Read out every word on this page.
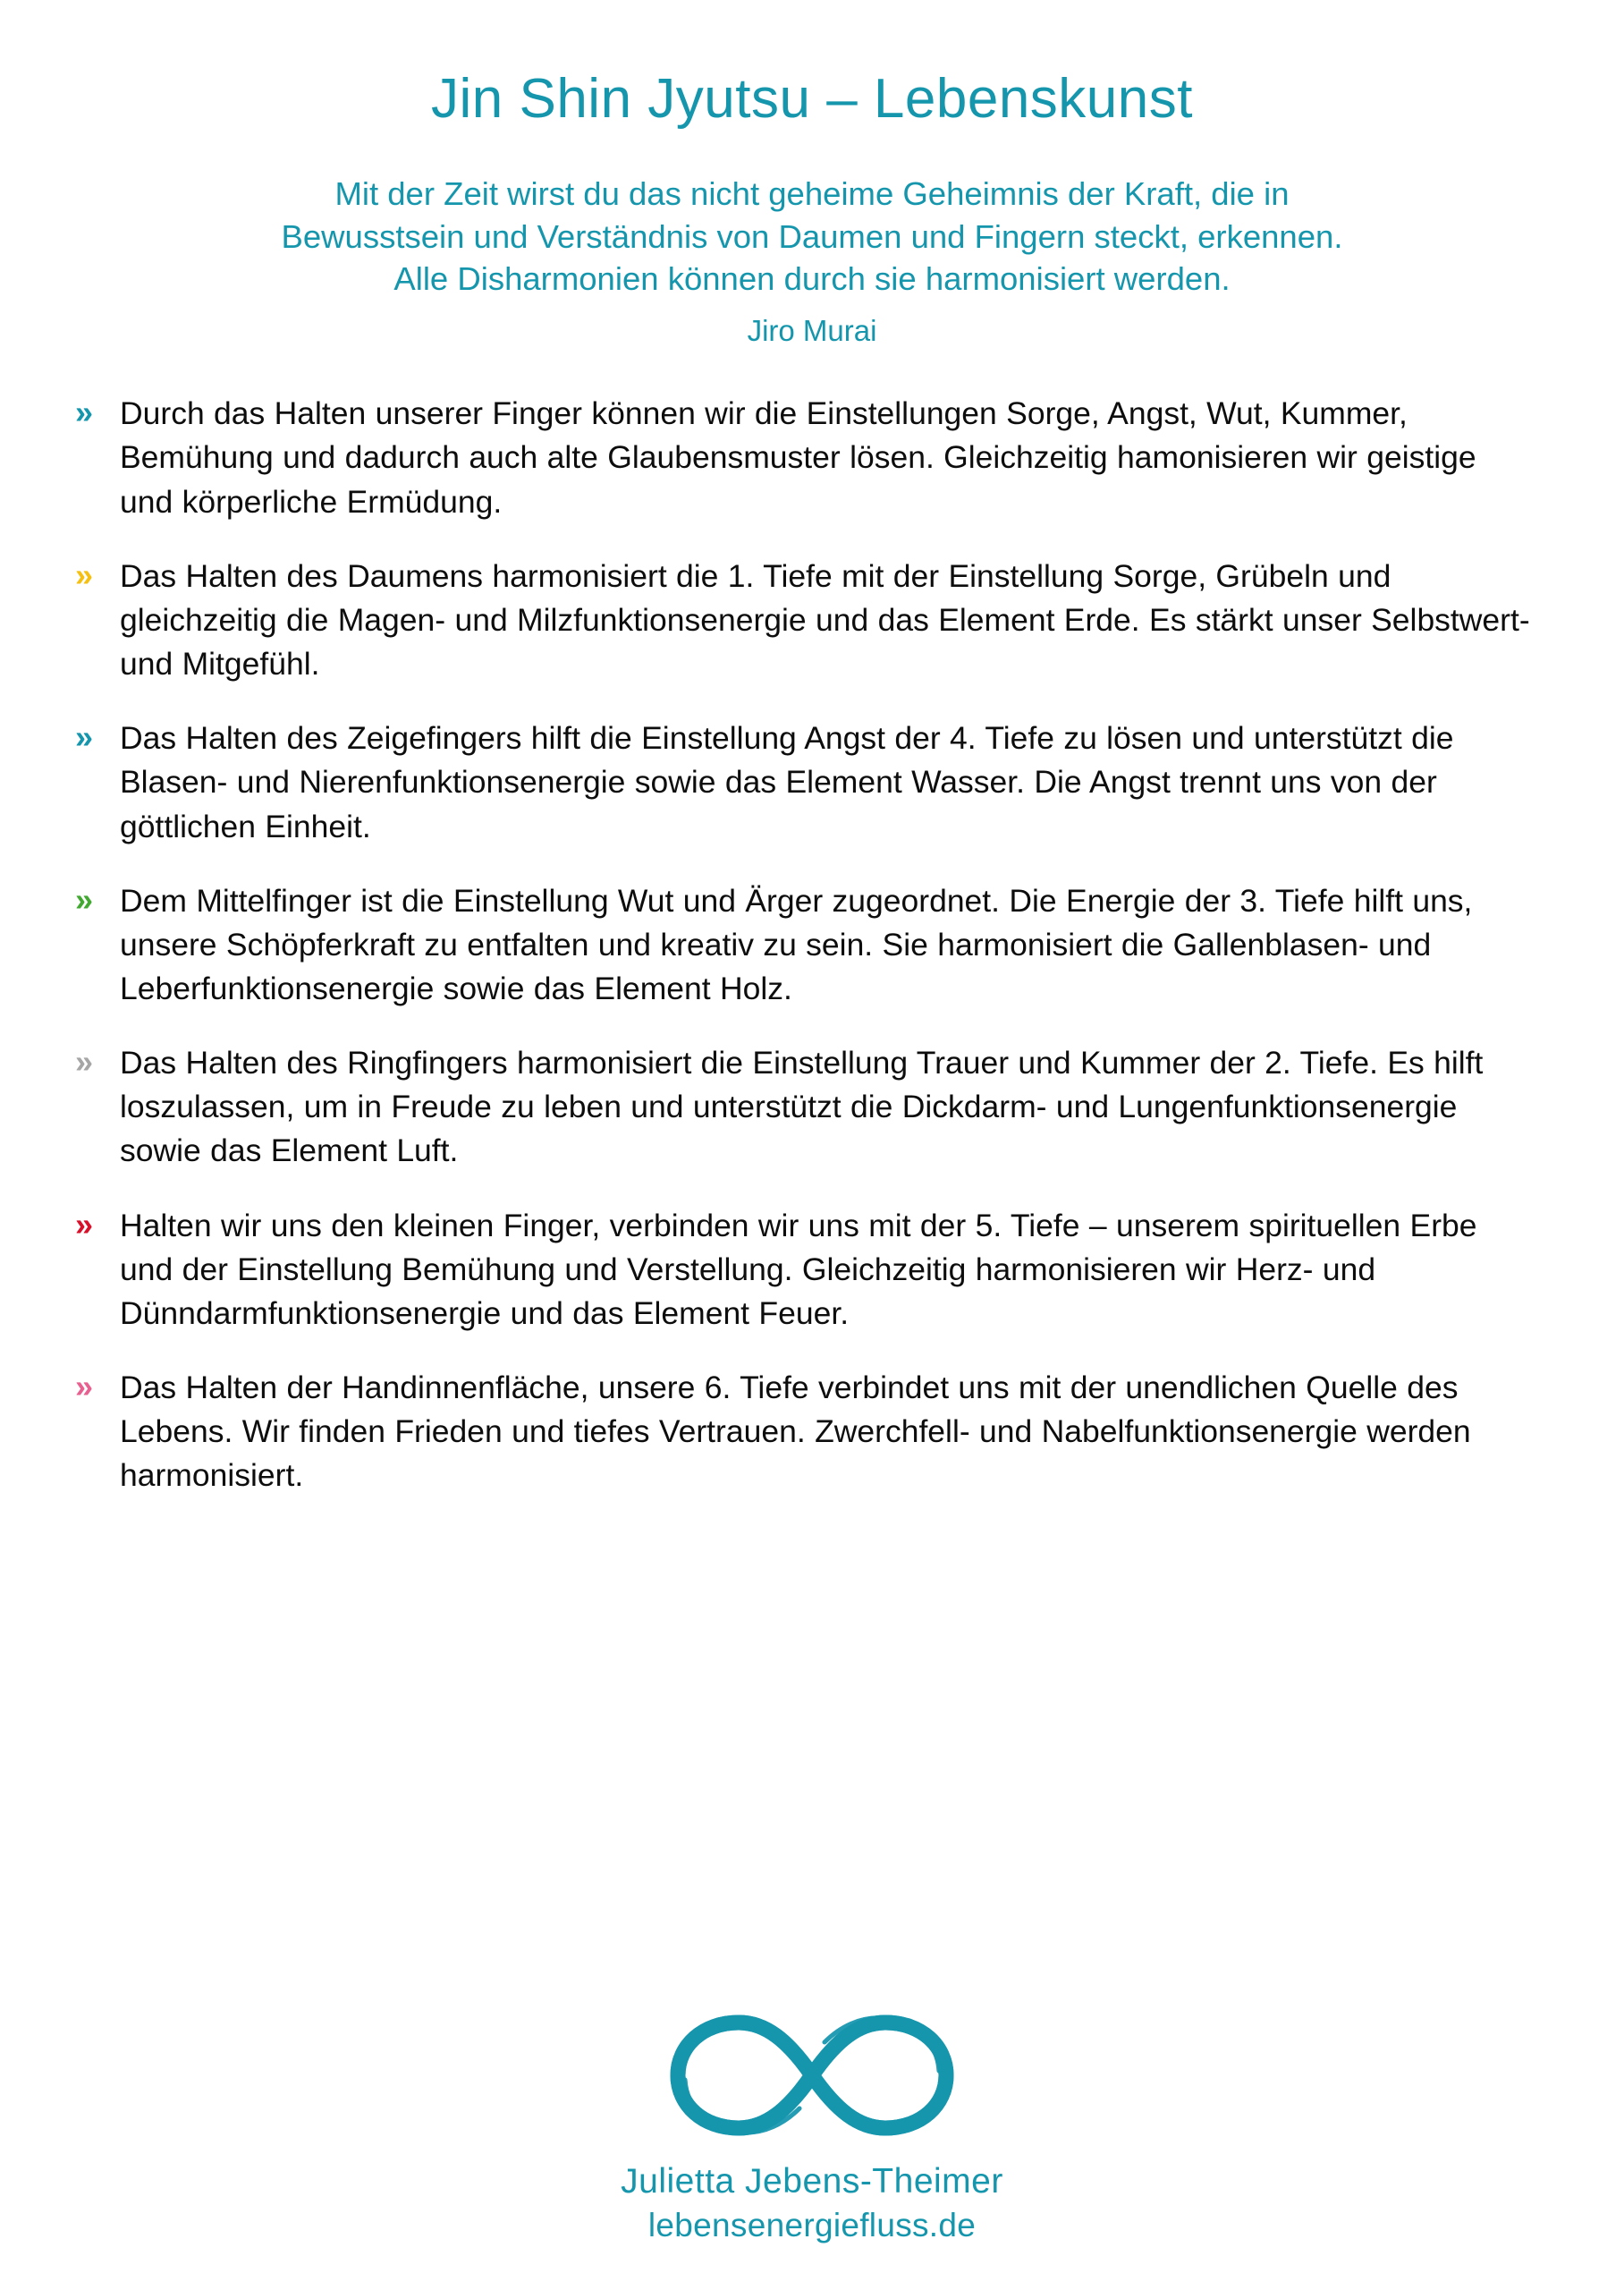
Jin Shin Jyutsu – Lebenskunst
Mit der Zeit wirst du das nicht geheime Geheimnis der Kraft, die in
Bewusstsein und Verständnis von Daumen und Fingern steckt, erkennen.
Alle Disharmonien können durch sie harmonisiert werden.
Jiro Murai
» Durch das Halten unserer Finger können wir die Einstellungen Sorge, Angst, Wut, Kummer, Bemühung und dadurch auch alte Glaubensmuster lösen. Gleichzeitig hamonisieren wir geistige und körperliche Ermüdung.
» Das Halten des Daumens harmonisiert die 1. Tiefe mit der Einstellung Sorge, Grübeln und gleichzeitig die Magen- und Milzfunktionsenergie und das Element Erde. Es stärkt unser Selbstwert- und Mitgefühl.
» Das Halten des Zeigefingers hilft die Einstellung Angst der 4. Tiefe zu lösen und unterstützt die Blasen- und Nierenfunktionsenergie sowie das Element Wasser. Die Angst trennt uns von der göttlichen Einheit.
» Dem Mittelfinger ist die Einstellung Wut und Ärger zugeordnet. Die Energie der 3. Tiefe hilft uns, unsere Schöpferkraft zu entfalten und kreativ zu sein. Sie harmonisiert die Gallenblasen- und Leberfunktionsenergie sowie das Element Holz.
» Das Halten des Ringfingers harmonisiert die Einstellung Trauer und Kummer der 2. Tiefe. Es hilft loszulassen, um in Freude zu leben und unterstützt die Dickdarm- und Lungenfunktionsenergie sowie das Element Luft.
» Halten wir uns den kleinen Finger, verbinden wir uns mit der 5. Tiefe – unserem spirituellen Erbe und der Einstellung Bemühung und Verstellung. Gleichzeitig harmonisieren wir Herz- und Dünndarmfunktionsenergie und das Element Feuer.
» Das Halten der Handinnenfläche, unsere 6. Tiefe verbindet uns mit der unendlichen Quelle des Lebens. Wir finden Frieden und tiefes Vertrauen. Zwerchfell- und Nabelfunktionsenergie werden harmonisiert.
Julietta Jebens-Theimer
lebensenergiefluss.de
